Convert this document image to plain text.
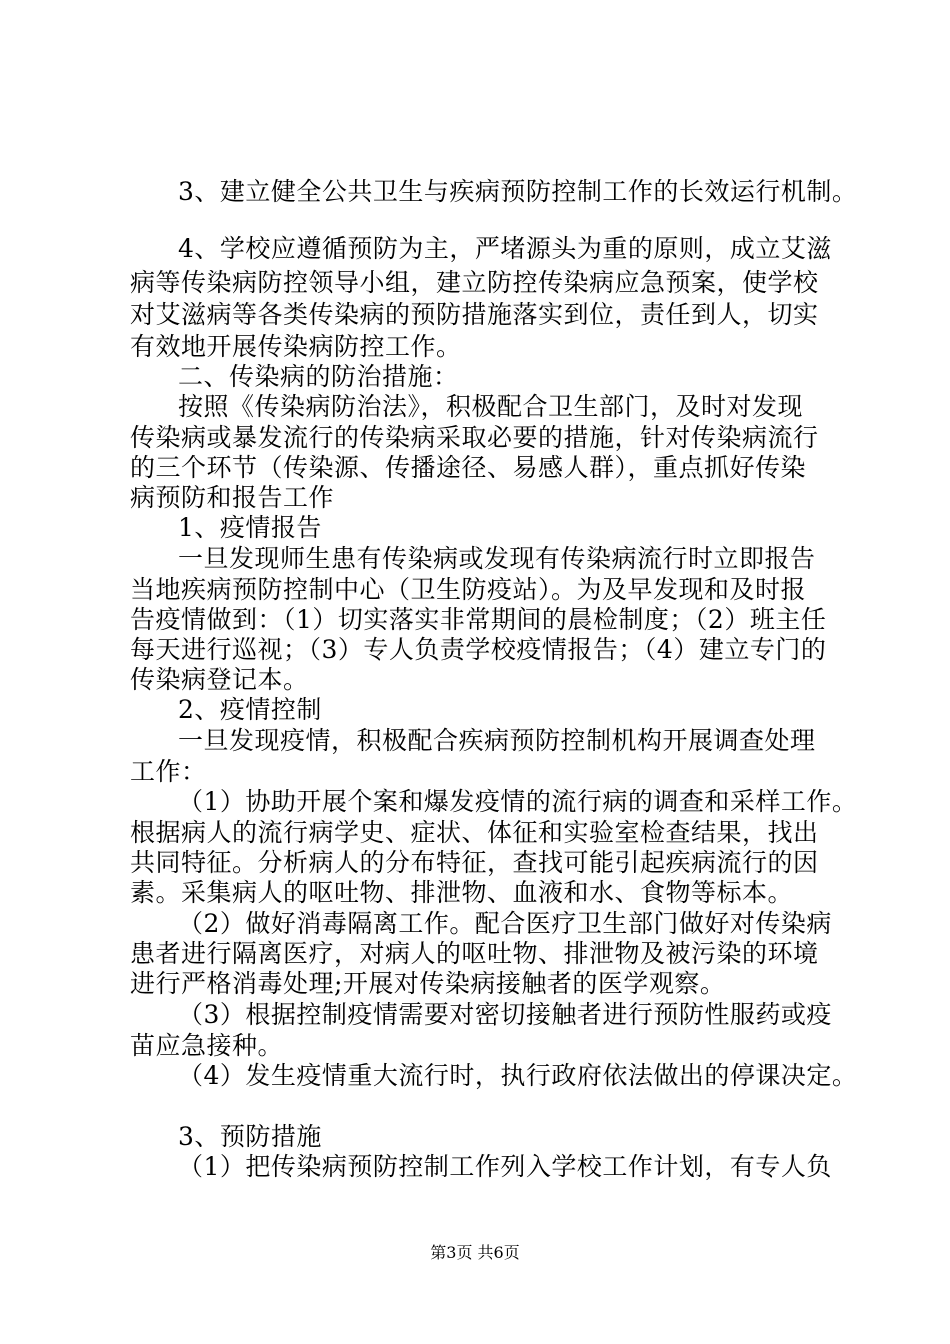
3、建立健全公共卫生与疾病预防控制工作的长效运行机制。

4、学校应遵循预防为主，严堵源头为重的原则，成立艾滋

病等传染病防控领导小组，建立防控传染病应急预案，使学校

对艾滋病等各类传染病的预防措施落实到位，责任到人，切实

有效地开展传染病防控工作。

二、传染病的防治措施：

按照《传染病防治法》，积极配合卫生部门，及时对发现

传染病或暴发流行的传染病采取必要的措施，针对传染病流行

的三个环节（传染源、传播途径、易感人群），重点抓好传染

病预防和报告工作

1、疫情报告

一旦发现师生患有传染病或发现有传染病流行时立即报告

当地疾病预防控制中心（卫生防疫站）。为及早发现和及时报

告疫情做到：（1）切实落实非常期间的晨检制度；（2）班主任

每天进行巡视；（3）专人负责学校疫情报告；（4）建立专门的

传染病登记本。

2、疫情控制

一旦发现疫情，积极配合疾病预防控制机构开展调查处理

工作：

（1）协助开展个案和爆发疫情的流行病的调查和采样工作。

根据病人的流行病学史、症状、体征和实验室检查结果，找出

共同特征。分析病人的分布特征，查找可能引起疾病流行的因

素。采集病人的呕吐物、排泄物、血液和水、食物等标本。

（2）做好消毒隔离工作。配合医疗卫生部门做好对传染病

患者进行隔离医疗，对病人的呕吐物、排泄物及被污染的环境

进行严格消毒处理;开展对传染病接触者的医学观察。

（3）根据控制疫情需要对密切接触者进行预防性服药或疫

苗应急接种。

（4）发生疫情重大流行时，执行政府依法做出的停课决定。

3、预防措施

（1）把传染病预防控制工作列入学校工作计划，有专人负

第3页 共6页
